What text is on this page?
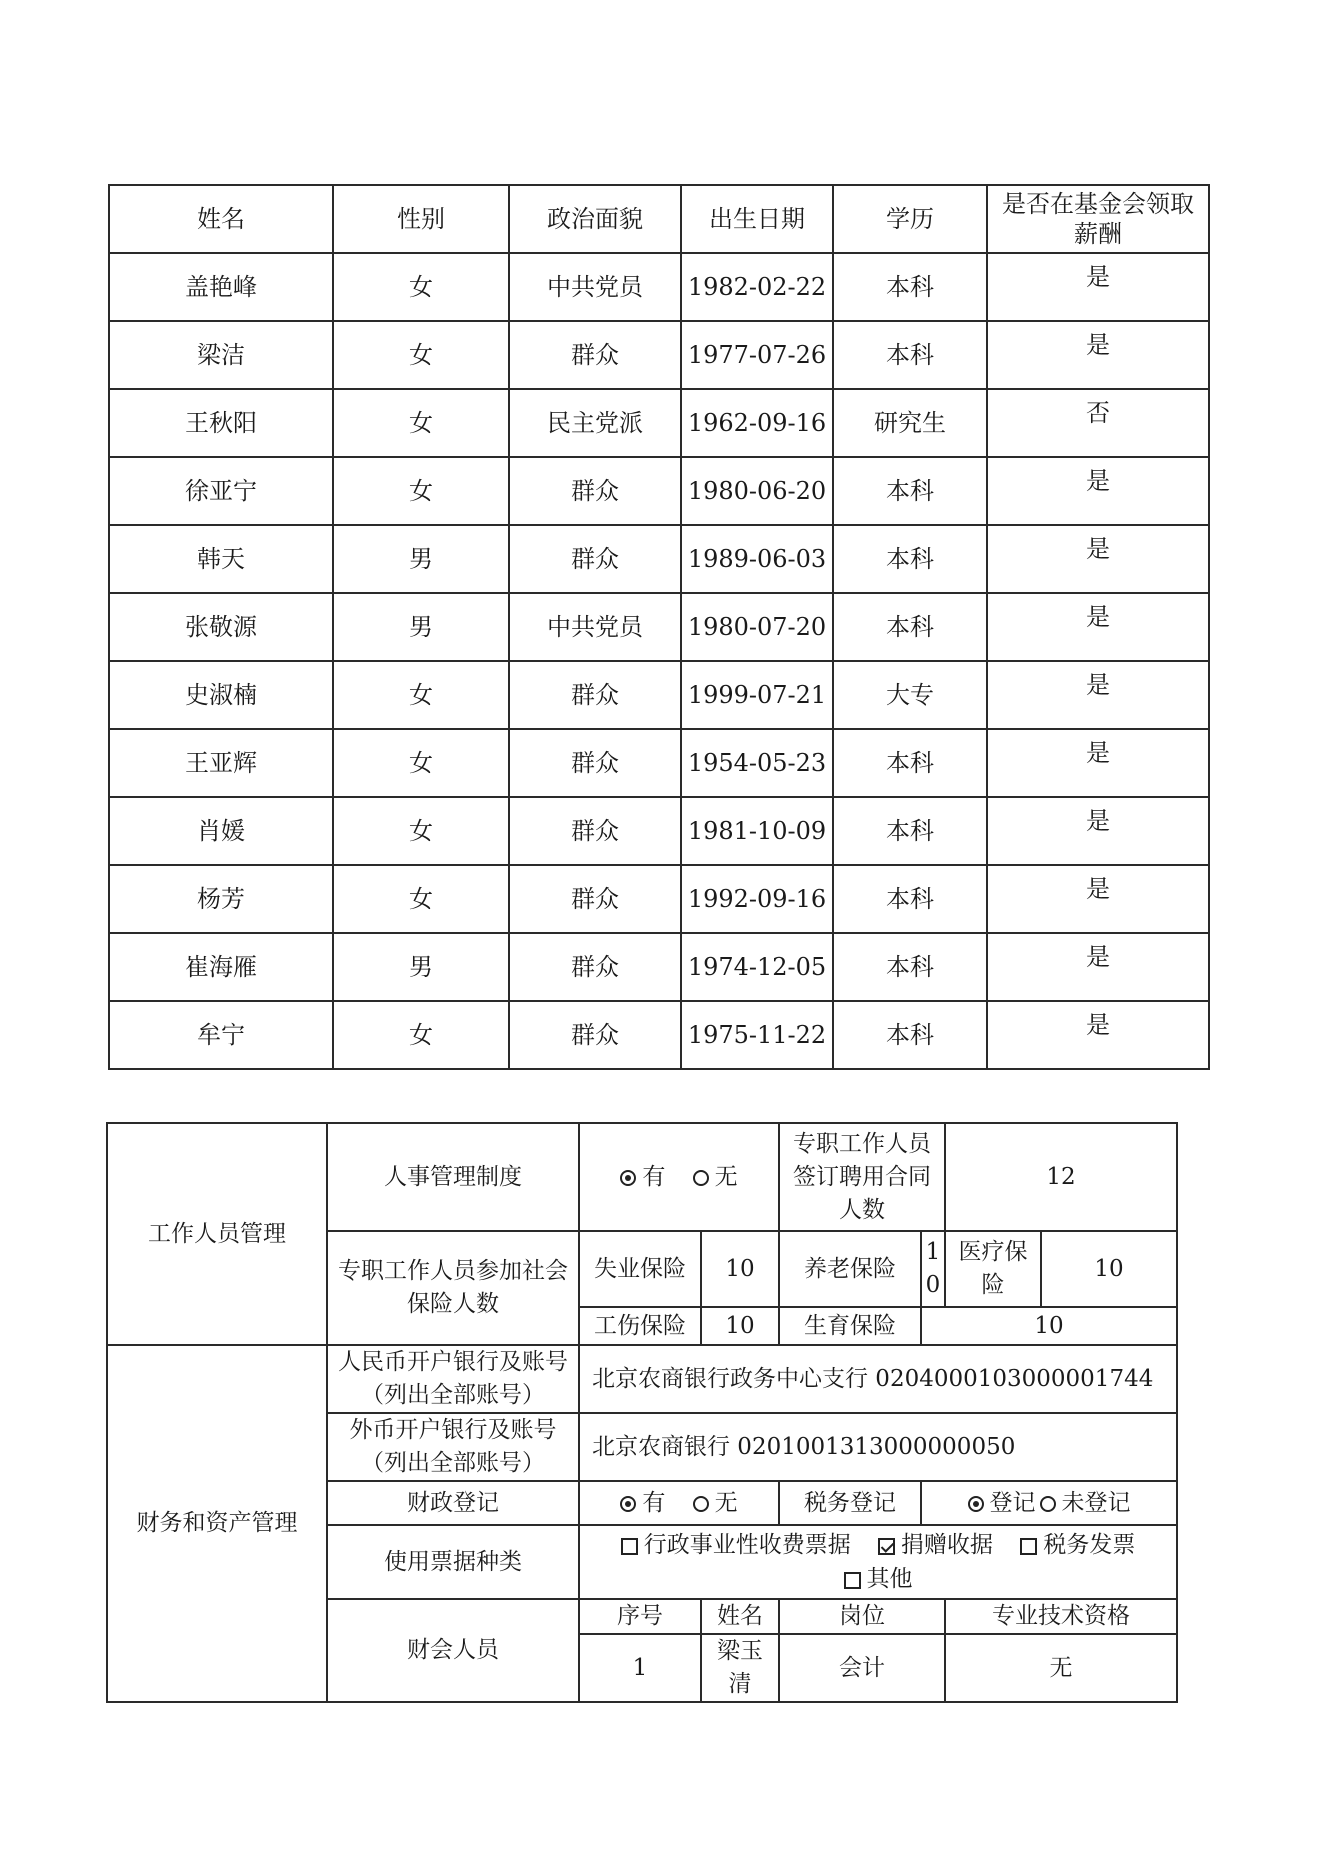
姓名	性别	政治面貌	出生日期	学历	是否在基金会领取薪酬
盖艳峰	女	中共党员	1982-02-22	本科	是
梁洁	女	群众	1977-07-26	本科	是
王秋阳	女	民主党派	1962-09-16	研究生	否
徐亚宁	女	群众	1980-06-20	本科	是
韩天	男	群众	1989-06-03	本科	是
张敬源	男	中共党员	1980-07-20	本科	是
史淑楠	女	群众	1999-07-21	大专	是
王亚辉	女	群众	1954-05-23	本科	是
肖媛	女	群众	1981-10-09	本科	是
杨芳	女	群众	1992-09-16	本科	是
崔海雁	男	群众	1974-12-05	本科	是
牟宁	女	群众	1975-11-22	本科	是
工作人员管理	人事管理制度	有 无		专职工作人员签订聘用合同人数		12	
	专职工作人员参加社会保险人数	失业保险	10	养老保险	10	医疗保险	10
		工伤保险	10	生育保险	10		
财务和资产管理	人民币开户银行及账号（列出全部账号）	北京农商银行政务中心支行 0204000103000001744					
	外币开户银行及账号（列出全部账号）	北京农商银行 0201001313000000050					
	财政登记	有 无		税务登记	登记 未登记		
	使用票据种类	行政事业性收费票据 捐赠收据 税务发票
其他					
	财会人员	序号	姓名	岗位		专业技术资格	
		1	梁玉清	会计		无	
